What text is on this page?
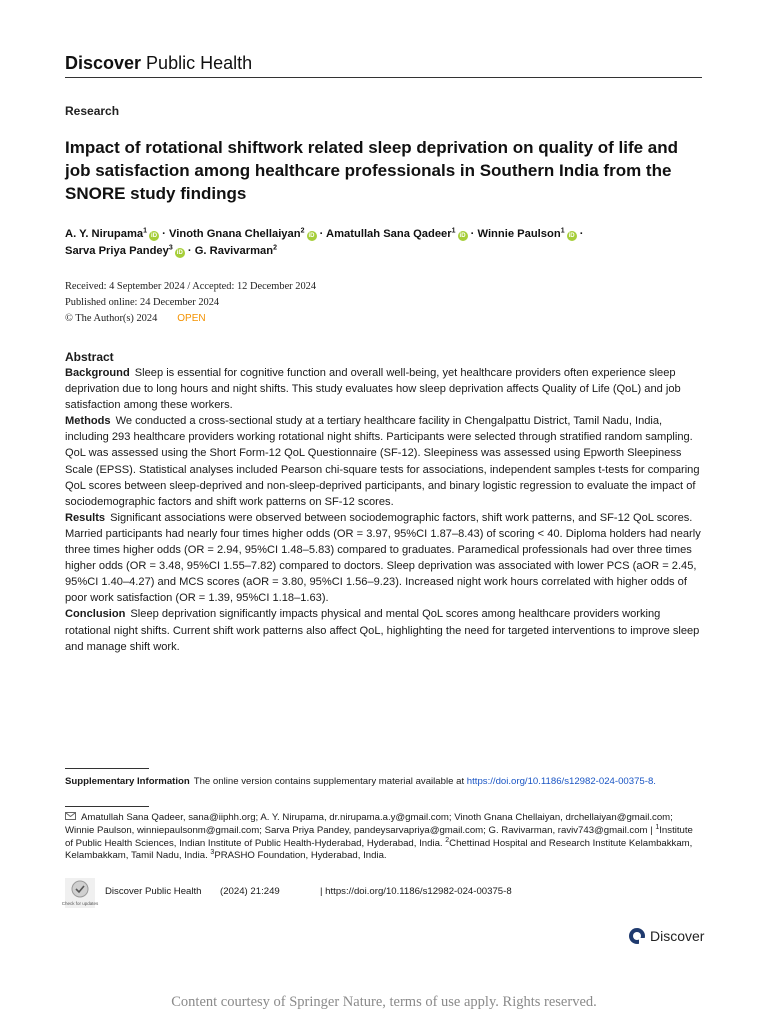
Discover Public Health
Research
Impact of rotational shiftwork related sleep deprivation on quality of life and job satisfaction among healthcare professionals in Southern India from the SNORE study findings
A. Y. Nirupama$^1$iD · Vinoth Gnana Chellaiyan$^2$iD · Amatullah Sana Qadeer$^1$iD · Winnie Paulson$^1$iD ·
Sarva Priya Pandey$^3$iD · G. Ravivarman$^2$
Received: 4 September 2024 / Accepted: 12 December 2024
Published online: 24 December 2024
© The Author(s) 2024 OPEN
Abstract

Background Sleep is essential for cognitive function and overall well-being, yet healthcare providers often experience sleep deprivation due to long hours and night shifts. This study evaluates how sleep deprivation affects Quality of Life (QoL) and job satisfaction among these workers.

Methods We conducted a cross-sectional study at a tertiary healthcare facility in Chengalpattu District, Tamil Nadu, India, including 293 healthcare providers working rotational night shifts. Participants were selected through stratified random sampling. QoL was assessed using the Short Form-12 QoL Questionnaire (SF-12). Sleepiness was assessed using Epworth Sleepiness Scale (EPSS). Statistical analyses included Pearson chi-square tests for associations, independent samples t-tests for comparing QoL scores between sleep-deprived and non-sleep-deprived participants, and binary logistic regression to evaluate the impact of sociodemographic factors and shift work patterns on SF-12 scores.

Results Significant associations were observed between sociodemographic factors, shift work patterns, and SF-12 QoL scores. Married participants had nearly four times higher odds (OR = 3.97, 95%CI 1.87–8.43) of scoring < 40. Diploma holders had nearly three times higher odds (OR = 2.94, 95%CI 1.48–5.83) compared to graduates. Paramedical professionals had over three times higher odds (OR = 3.48, 95%CI 1.55–7.82) compared to doctors. Sleep deprivation was associated with lower PCS (aOR = 2.45, 95%CI 1.40–4.27) and MCS scores (aOR = 3.80, 95%CI 1.56–9.23). Increased night work hours correlated with higher odds of poor work satisfaction (OR = 1.39, 95%CI 1.18–1.63).

Conclusion Sleep deprivation significantly impacts physical and mental QoL scores among healthcare providers working rotational night shifts. Current shift work patterns also affect QoL, highlighting the need for targeted interventions to improve sleep and manage shift work.

Supplementary Information The online version contains supplementary material available at https://doi.org/10.1186/s12982-024-00375-8.
Amatullah Sana Qadeer, sana@iiphh.org; A. Y. Nirupama, dr.nirupama.a.y@gmail.com; Vinoth Gnana Chellaiyan, drchellaiyan@gmail.com; Winnie Paulson, winniepaulsonm@gmail.com; Sarva Priya Pandey, pandeysarvapriya@gmail.com; G. Ravivarman, raviv743@gmail.com | $^1$Institute of Public Health Sciences, Indian Institute of Public Health-Hyderabad, Hyderabad, India. $^2$Chettinad Hospital and Research Institute Kelambakkam, Kelambakkam, Tamil Nadu, India. $^3$PRASHO Foundation, Hyderabad, India.
Check for updates
Discover Public Health (2024) 21:249	| https://doi.org/10.1186/s12982-024-00375-8
Discover
Content courtesy of Springer Nature, terms of use apply. Rights reserved.
